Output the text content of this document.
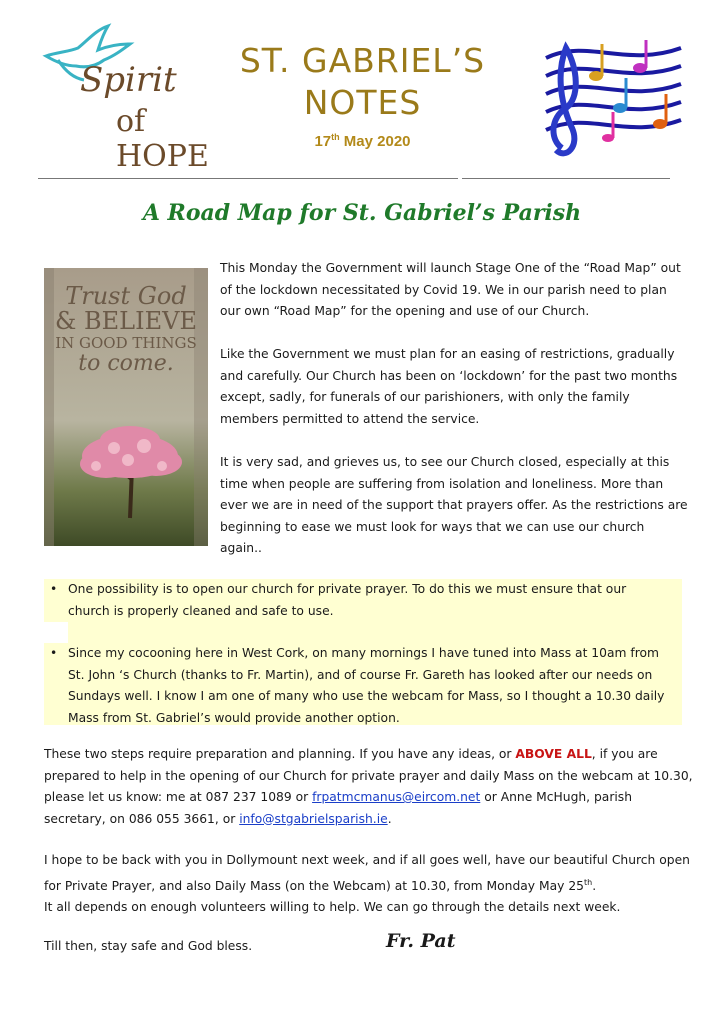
Spirit
of HOPE
ST. GABRIEL’S
NOTES
17th May 2020
A Road Map for St. Gabriel’s Parish
Trust God
& BELIEVE
IN GOOD THINGS
to come.

This Monday the Government will launch Stage One of the “Road Map” out of the lockdown necessitated by Covid 19. We in our parish need to plan our own “Road Map” for the opening and use of our Church.

Like the Government we must plan for an easing of restrictions, gradually and carefully. Our Church has been on ‘lockdown’ for the past two months except, sadly, for funerals of our parishioners, with only the family members permitted to attend the service.

It is very sad, and grieves us, to see our Church closed, especially at this time when people are suffering from isolation and loneliness. More than ever we are in need of the support that prayers offer. As the restrictions are beginning to ease we must look for ways that we can use our church again..

• One possibility is to open our church for private prayer. To do this we must ensure that our church is properly cleaned and safe to use.
• Since my cocooning here in West Cork, on many mornings I have tuned into Mass at 10am from St. John ‘s Church (thanks to Fr. Martin), and of course Fr. Gareth has looked after our needs on Sundays well. I know I am one of many who use the webcam for Mass, so I thought a 10.30 daily Mass from St. Gabriel’s would provide another option.

These two steps require preparation and planning. If you have any ideas, or ABOVE ALL, if you are prepared to help in the opening of our Church for private prayer and daily Mass on the webcam at 10.30, please let us know: me at 087 237 1089 or frpatmcmanus@eircom.net or Anne McHugh, parish secretary, on 086 055 3661, or info@stgabrielsparish.ie.

I hope to be back with you in Dollymount next week, and if all goes well, have our beautiful Church open for Private Prayer, and also Daily Mass (on the Webcam) at 10.30, from Monday May 25th.
It all depends on enough volunteers willing to help. We can go through the details next week.

Till then, stay safe and God bless.	Fr. Pat
